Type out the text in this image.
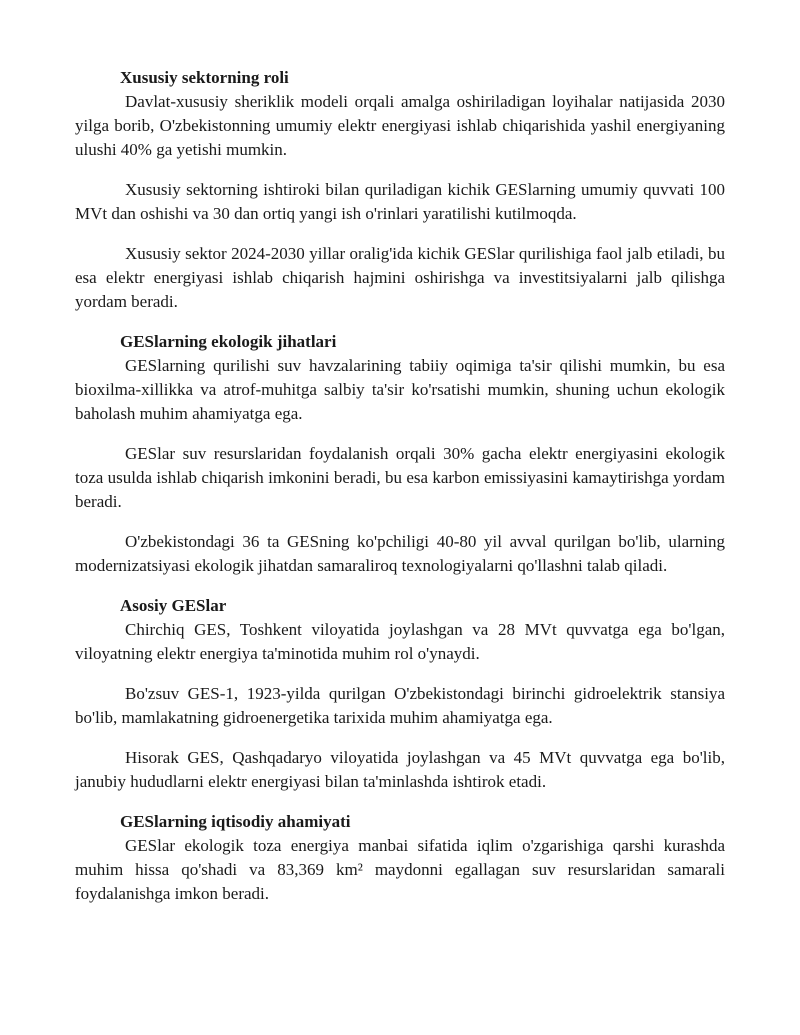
Xususiy sektorning roli

Davlat-xususiy sheriklik modeli orqali amalga oshiriladigan loyihalar natijasida 2030 yilga borib, O'zbekistonning umumiy elektr energiyasi ishlab chiqarishida yashil energiyaning ulushi 40% ga yetishi mumkin.

Xususiy sektorning ishtiroki bilan quriladigan kichik GESlarning umumiy quvvati 100 MVt dan oshishi va 30 dan ortiq yangi ish o'rinlari yaratilishi kutilmoqda.

Xususiy sektor 2024-2030 yillar oralig'ida kichik GESlar qurilishiga faol jalb etiladi, bu esa elektr energiyasi ishlab chiqarish hajmini oshirishga va investitsiyalarni jalb qilishga yordam beradi.

GESlarning ekologik jihatlari

GESlarning qurilishi suv havzalarining tabiiy oqimiga ta'sir qilishi mumkin, bu esa bioxilma-xillikka va atrof-muhitga salbiy ta'sir ko'rsatishi mumkin, shuning uchun ekologik baholash muhim ahamiyatga ega.

GESlar suv resurslaridan foydalanish orqali 30% gacha elektr energiyasini ekologik toza usulda ishlab chiqarish imkonini beradi, bu esa karbon emissiyasini kamaytirishga yordam beradi.

O'zbekistondagi 36 ta GESning ko'pchiligi 40-80 yil avval qurilgan bo'lib, ularning modernizatsiyasi ekologik jihatdan samaraliroq texnologiyalarni qo'llashni talab qiladi.

Asosiy GESlar

Chirchiq GES, Toshkent viloyatida joylashgan va 28 MVt quvvatga ega bo'lgan, viloyatning elektr energiya ta'minotida muhim rol o'ynaydi.

Bo'zsuv GES-1, 1923-yilda qurilgan O'zbekistondagi birinchi gidroelektrik stansiya bo'lib, mamlakatning gidroenergetika tarixida muhim ahamiyatga ega.

Hisorak GES, Qashqadaryo viloyatida joylashgan va 45 MVt quvvatga ega bo'lib, janubiy hududlarni elektr energiyasi bilan ta'minlashda ishtirok etadi.

GESlarning iqtisodiy ahamiyati

GESlar ekologik toza energiya manbai sifatida iqlim o'zgarishiga qarshi kurashda muhim hissa qo'shadi va 83,369 km² maydonni egallagan suv resurslaridan samarali foydalanishga imkon beradi.
